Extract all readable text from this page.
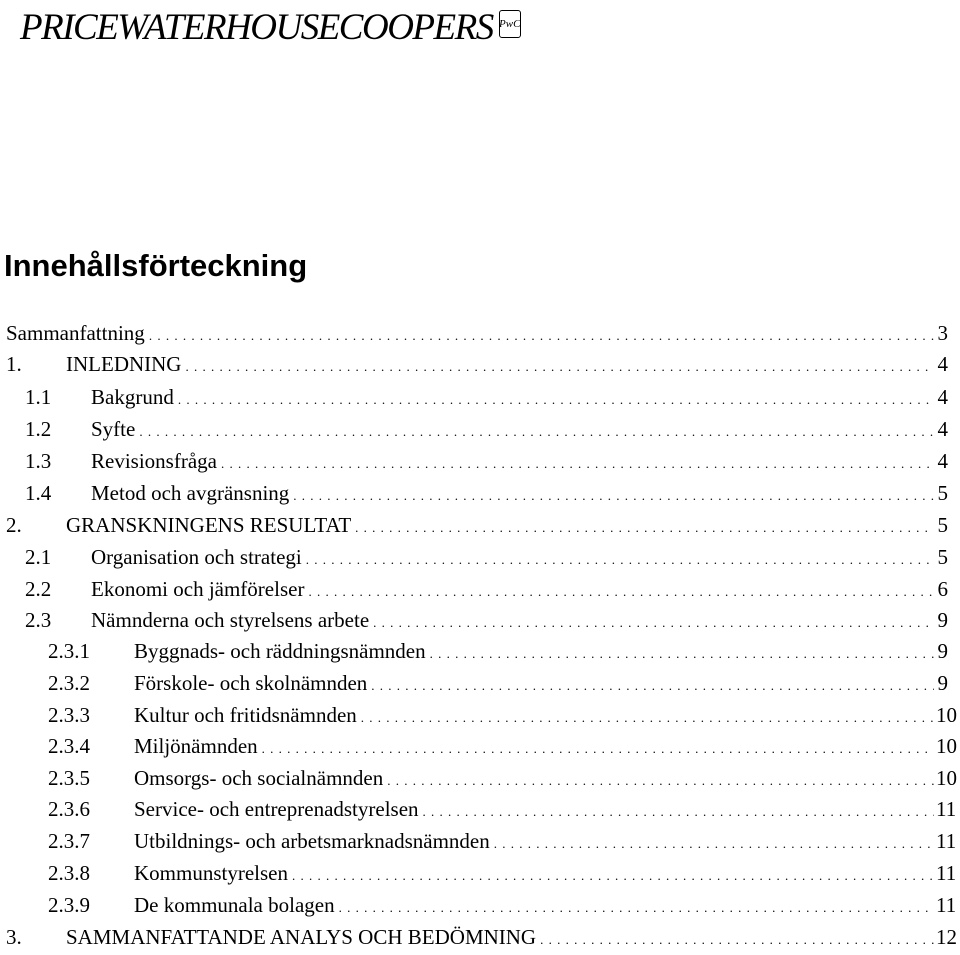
PRICEWATERHOUSECOOPERS PwC
Innehållsförteckning
Sammanfattning . . .	3
1. INLEDNING . . .	4
1.1 Bakgrund . . .	4
1.2 Syfte . . .	4
1.3 Revisionsfråga . . .	4
1.4 Metod och avgränsning . . .	5
2. GRANSKNINGENS RESULTAT . . .	5
2.1 Organisation och strategi . . .	5
2.2 Ekonomi och jämförelser . . .	6
2.3 Nämnderna och styrelsens arbete . . .	9
2.3.1 Byggnads- och räddningsnämnden . . .	9
2.3.2 Förskole- och skolnämnden . . .	9
2.3.3 Kultur och fritidsnämnden . . .	10
2.3.4 Miljönämnden . . .	10
2.3.5 Omsorgs- och socialnämnden . . .	10
2.3.6 Service- och entreprenadstyrelsen . . .	11
2.3.7 Utbildnings- och arbetsmarknadsnämnden . . .	11
2.3.8 Kommunstyrelsen . . .	11
2.3.9 De kommunala bolagen . . .	11
3. SAMMANFATTANDE ANALYS OCH BEDÖMNING . . .	12
